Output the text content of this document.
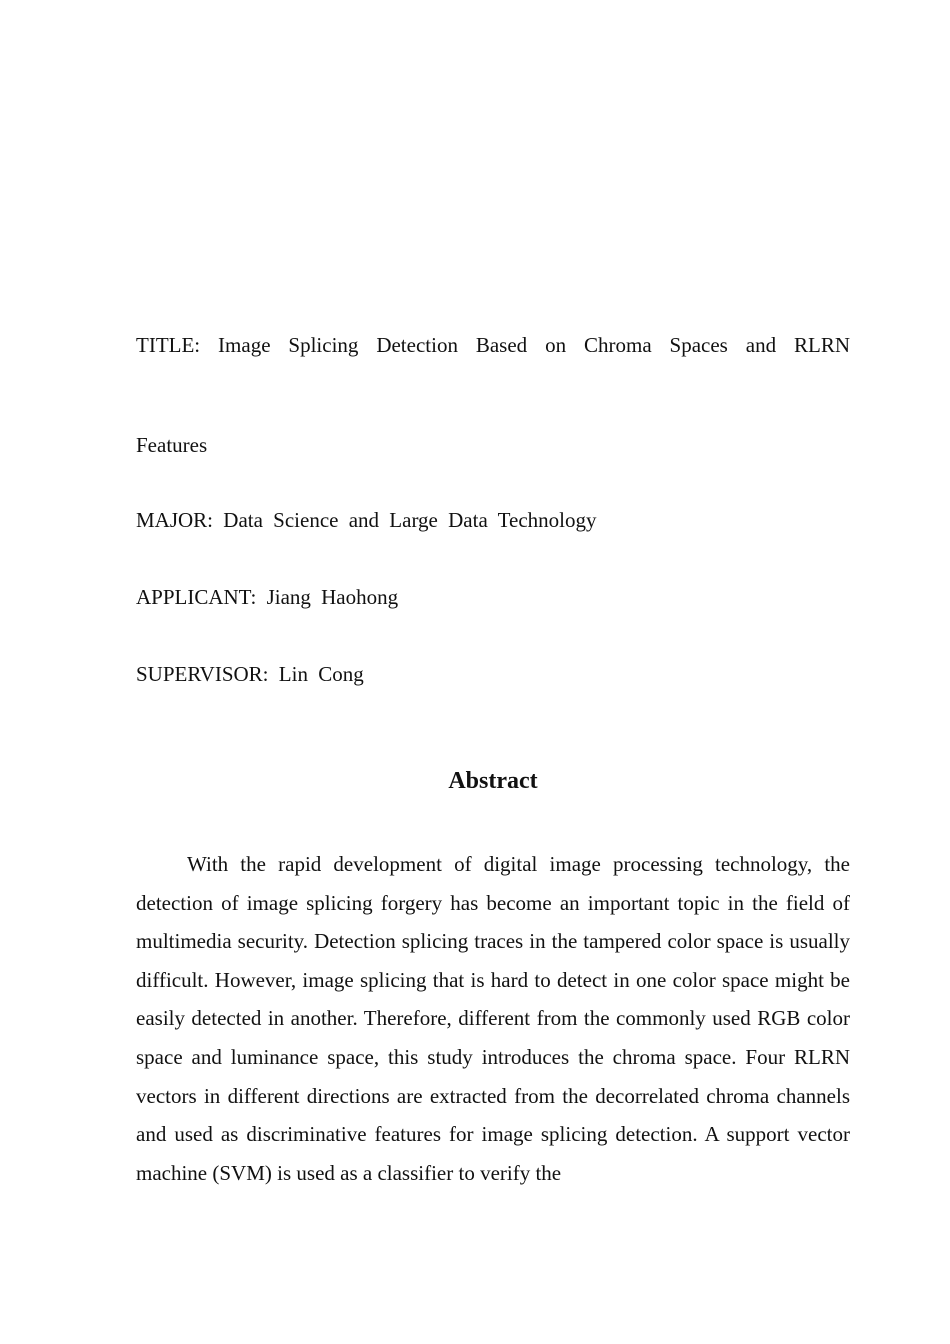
TITLE: Image Splicing Detection Based on Chroma Spaces and RLRN
Features
MAJOR: Data Science and Large Data Technology
APPLICANT: Jiang Haohong
SUPERVISOR: Lin Cong
Abstract

With the rapid development of digital image processing technology, the detection of image splicing forgery has become an important topic in the field of multimedia security. Detection splicing traces in the tampered color space is usually difficult. However, image splicing that is hard to detect in one color space might be easily detected in another. Therefore, different from the commonly used RGB color space and luminance space, this study introduces the chroma space. Four RLRN vectors in different directions are extracted from the decorrelated chroma channels and used as discriminative features for image splicing detection. A support vector machine (SVM) is used as a classifier to verify the
